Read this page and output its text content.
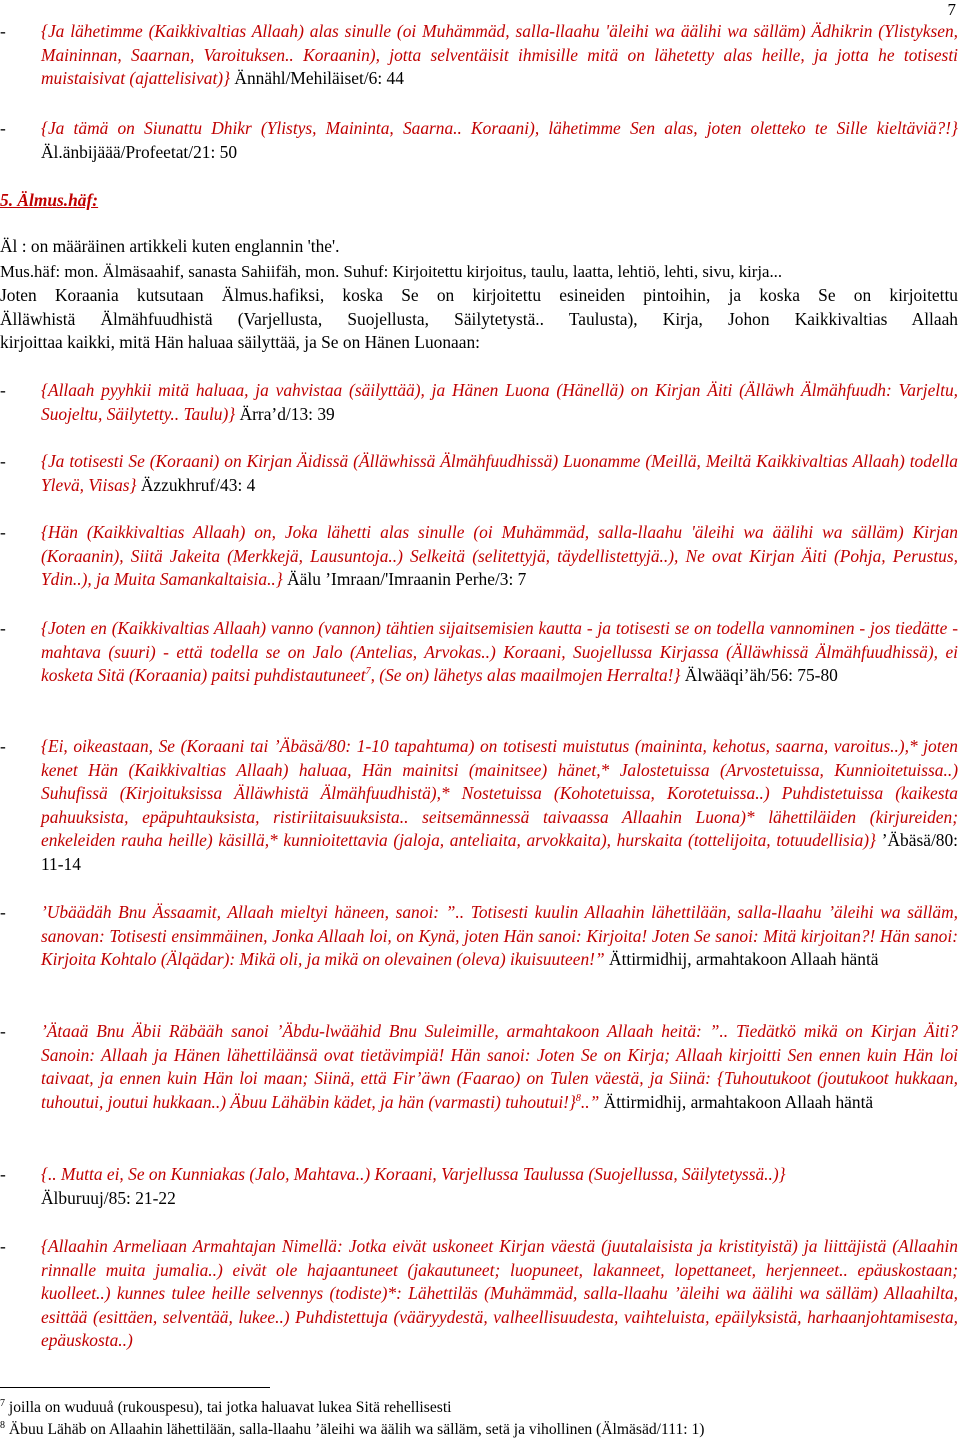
7
- {Ja lähetimme (Kaikkivaltias Allaah) alas sinulle (oi Muhämmäd, salla-llaahu 'äleihi wa äälihi wa sälläm) Ädhikrin (Ylistyksen, Maininnan, Saarnan, Varoituksen.. Koraanin), jotta selventäisit ihmisille mitä on lähetetty alas heille, ja jotta he totisesti muistaisivat (ajattelisivat)} Ännähl/Mehiläiset/6: 44
- {Ja tämä on Siunattu Dhikr (Ylistys, Maininta, Saarna.. Koraani), lähetimme Sen alas, joten oletteko te Sille kieltäviä?!} Äl.änbijäää/Profeetat/21: 50
5. Älmus.häf:
Äl : on määräinen artikkeli kuten englannin 'the'.
Mus.häf: mon. Älmäsaahif, sanasta Sahiifäh, mon. Suhuf: Kirjoitettu kirjoitus, taulu, laatta, lehtiö, lehti, sivu, kirja...
Joten Koraania kutsutaan Älmus.hafiksi, koska Se on kirjoitettu esineiden pintoihin, ja koska Se on kirjoitettu
Älläwhistä Älmähfuudhistä (Varjellusta, Suojellusta, Säilytetystä.. Taulusta), Kirja, Johon Kaikkivaltias Allaah
kirjoittaa kaikki, mitä Hän haluaa säilyttää, ja Se on Hänen Luonaan:
- {Allaah pyyhkii mitä haluaa, ja vahvistaa (säilyttää), ja Hänen Luona (Hänellä) on Kirjan Äiti (Älläwh Älmähfuudh: Varjeltu, Suojeltu, Säilytetty.. Taulu)} Ärra’d/13: 39
- {Ja totisesti Se (Koraani) on Kirjan Äidissä (Älläwhissä Älmähfuudhissä) Luonamme (Meillä, Meiltä Kaikkivaltias Allaah) todella Ylevä, Viisas} Äzzukhruf/43: 4
- {Hän (Kaikkivaltias Allaah) on, Joka lähetti alas sinulle (oi Muhämmäd, salla-llaahu 'äleihi wa äälihi wa sälläm) Kirjan (Koraanin), Siitä Jakeita (Merkkejä, Lausuntoja..) Selkeitä (selitettyjä, täydellistettyjä..), Ne ovat Kirjan Äiti (Pohja, Perustus, Ydin..), ja Muita Samankaltaisia..} Äälu ’Imraan/'Imraanin Perhe/3: 7
- {Joten en (Kaikkivaltias Allaah) vanno (vannon) tähtien sijaitsemisien kautta - ja totisesti se on todella vannominen - jos tiedätte - mahtava (suuri) - että todella se on Jalo (Antelias, Arvokas..) Koraani, Suojellussa Kirjassa (Älläwhissä Älmähfuudhissä), ei kosketa Sitä (Koraania) paitsi puhdistautuneet$^7$, (Se on) lähetys alas maailmojen Herralta!} Älwääqi’äh/56: 75-80
- {Ei, oikeastaan, Se (Koraani tai ’Äbäsä/80: 1-10 tapahtuma) on totisesti muistutus (maininta, kehotus, saarna, varoitus..),* joten kenet Hän (Kaikkivaltias Allaah) haluaa, Hän mainitsi (mainitsee) hänet,* Jalostetuissa (Arvostetuissa, Kunnioitetuissa..) Suhufissä (Kirjoituksissa Älläwhistä Älmähfuudhistä),* Nostetuissa (Kohotetuissa, Korotetuissa..) Puhdistetuissa (kaikesta pahuuksista, epäpuhtauksista, ristiriitaisuuksista.. seitsemännessä taivaassa Allaahin Luona)* lähettiläiden (kirjureiden; enkeleiden rauha heille) käsillä,* kunnioitettavia (jaloja, anteliaita, arvokkaita), hurskaita (tottelijoita, totuudellisia)} ’Äbäsä/80: 11-14
- ’Ubäädäh Bnu Ässaamit, Allaah mieltyi häneen, sanoi: ”.. Totisesti kuulin Allaahin lähettilään, salla-llaahu ’äleihi wa sälläm, sanovan: Totisesti ensimmäinen, Jonka Allaah loi, on Kynä, joten Hän sanoi: Kirjoita! Joten Se sanoi: Mitä kirjoitan?! Hän sanoi: Kirjoita Kohtalo (Älqädar): Mikä oli, ja mikä on olevainen (oleva) ikuisuuteen!” Ättirmidhij, armahtakoon Allaah häntä
- ’Ätaaä Bnu Äbii Räbääh sanoi ’Äbdu-lwäähid Bnu Suleimille, armahtakoon Allaah heitä: ”.. Tiedätkö mikä on Kirjan Äiti? Sanoin: Allaah ja Hänen lähettiläänsä ovat tietävimpiä! Hän sanoi: Joten Se on Kirja; Allaah kirjoitti Sen ennen kuin Hän loi taivaat, ja ennen kuin Hän loi maan; Siinä, että Fir’äwn (Faarao) on Tulen väestä, ja Siinä: {Tuhoutukoot (joutukoot hukkaan, tuhoutui, joutui hukkaan..) Äbuu Lähäbin kädet, ja hän (varmasti) tuhoutui!}$^8$..” Ättirmidhij, armahtakoon Allaah häntä
- {.. Mutta ei, Se on Kunniakas (Jalo, Mahtava..) Koraani, Varjellussa Taulussa (Suojellussa, Säilytetyssä..)}
Älburuuj/85: 21-22
- {Allaahin Armeliaan Armahtajan Nimellä: Jotka eivät uskoneet Kirjan väestä (juutalaisista ja kristityistä) ja liittäjistä (Allaahin rinnalle muita jumalia..) eivät ole hajaantuneet (jakautuneet; luopuneet, lakanneet, lopettaneet, herjenneet.. epäuskostaan; kuolleet..) kunnes tulee heille selvennys (todiste)*: Lähettiläs (Muhämmäd, salla-llaahu ’äleihi wa äälihi wa sälläm) Allaahilta, esittää (esittäen, selventää, lukee..) Puhdistettuja (vääryydestä, valheellisuudesta, vaihteluista, epäilyksistä, harhaanjohtamisesta, epäuskosta..)
$^7$ joilla on wuduuå (rukouspesu), tai jotka haluavat lukea Sitä rehellisesti
$^8$ Äbuu Lähäb on Allaahin lähettilään, salla-llaahu ’äleihi wa äälih wa sälläm, setä ja vihollinen (Älmäsäd/111: 1)
